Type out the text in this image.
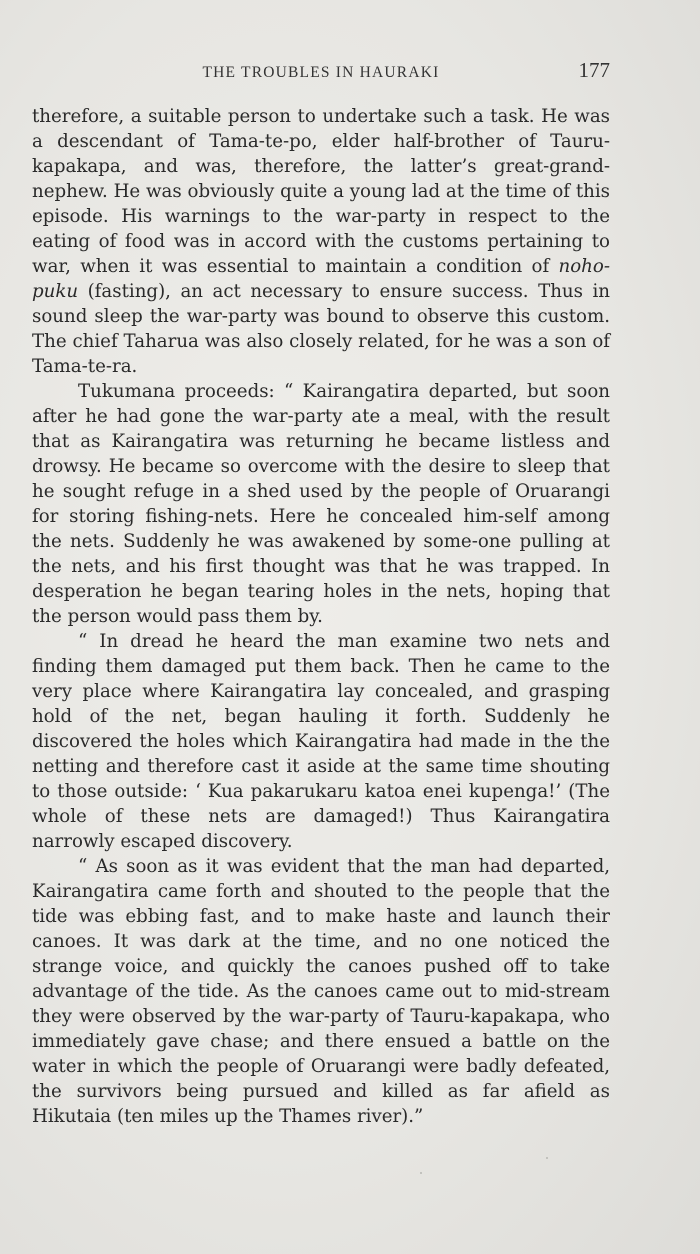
THE TROUBLES IN HAURAKI	177

therefore, a suitable person to undertake such a task. He was a descendant of Tama-te-po, elder half-brother of Tauru-kapakapa, and was, therefore, the latter’s great-grand-nephew. He was obviously quite a young lad at the time of this episode. His warnings to the war-party in respect to the eating of food was in accord with the customs pertaining to war, when it was essential to maintain a condition of noho-puku (fasting), an act necessary to ensure success. Thus in sound sleep the war-party was bound to observe this custom. The chief Taharua was also closely related, for he was a son of Tama-te-ra.

Tukumana proceeds: “ Kairangatira departed, but soon after he had gone the war-party ate a meal, with the result that as Kairangatira was returning he became listless and drowsy. He became so overcome with the desire to sleep that he sought refuge in a shed used by the people of Oruarangi for storing fishing-nets. Here he concealed him-self among the nets. Suddenly he was awakened by some-one pulling at the nets, and his first thought was that he was trapped. In desperation he began tearing holes in the nets, hoping that the person would pass them by.

“ In dread he heard the man examine two nets and finding them damaged put them back. Then he came to the very place where Kairangatira lay concealed, and grasping hold of the net, began hauling it forth. Suddenly he discovered the holes which Kairangatira had made in the the netting and therefore cast it aside at the same time shouting to those outside: ‘ Kua pakarukaru katoa enei kupenga!’ (The whole of these nets are damaged!) Thus Kairangatira narrowly escaped discovery.

“ As soon as it was evident that the man had departed, Kairangatira came forth and shouted to the people that the tide was ebbing fast, and to make haste and launch their canoes. It was dark at the time, and no one noticed the strange voice, and quickly the canoes pushed off to take advantage of the tide. As the canoes came out to mid-stream they were observed by the war-party of Tauru-kapakapa, who immediately gave chase; and there ensued a battle on the water in which the people of Oruarangi were badly defeated, the survivors being pursued and killed as far afield as Hikutaia (ten miles up the Thames river).”
